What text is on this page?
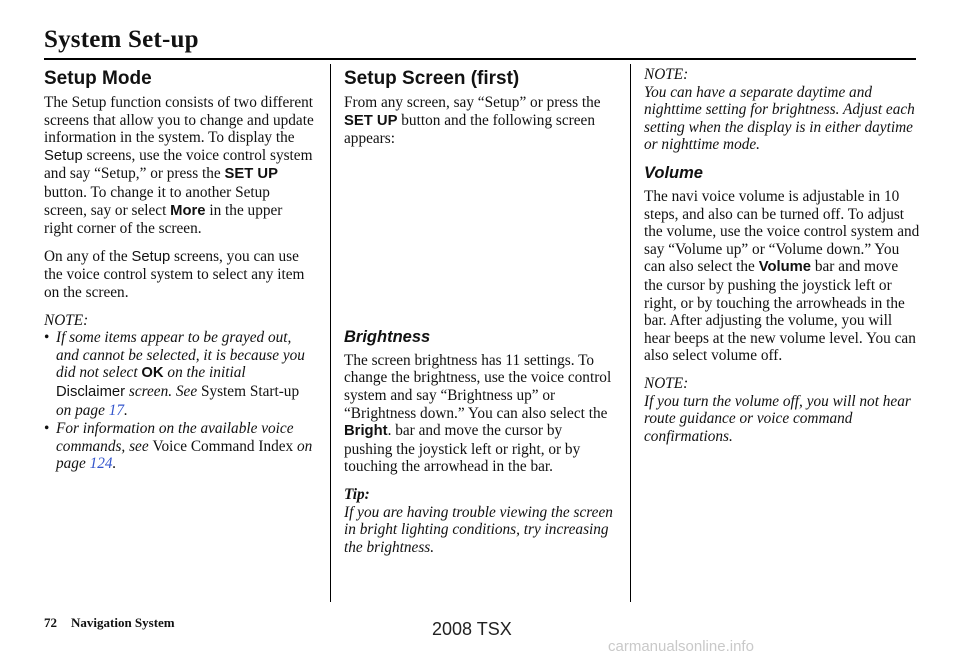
System Set-up
Setup Mode

The Setup function consists of two different screens that allow you to change and update information in the system. To display the Setup screens, use the voice control system and say “Setup,” or press the SET UP button. To change it to another Setup screen, say or select More in the upper right corner of the screen.

On any of the Setup screens, you can use the voice control system to select any item on the screen.

NOTE:

• If some items appear to be grayed out, and cannot be selected, it is because you did not select OK on the initial Disclaimer screen. See System Start-up on page 17.
• For information on the available voice commands, see Voice Command Index on page 124.
Setup Screen (first)

From any screen, say “Setup” or press the SET UP button and the following screen appears:

Brightness

The screen brightness has 11 settings. To change the brightness, use the voice control system and say “Brightness up” or “Brightness down.” You can also select the Bright. bar and move the cursor by pushing the joystick left or right, or by touching the arrowhead in the bar.

Tip:

If you are having trouble viewing the screen in bright lighting conditions, try increasing the brightness.

NOTE:

You can have a separate daytime and nighttime setting for brightness. Adjust each setting when the display is in either daytime or nighttime mode.

Volume

The navi voice volume is adjustable in 10 steps, and also can be turned off. To adjust the volume, use the voice control system and say “Volume up” or “Volume down.” You can also select the Volume bar and move the cursor by pushing the joystick left or right, or by touching the arrowheads in the bar. After adjusting the volume, you will hear beeps at the new volume level. You can also select volume off.

NOTE:

If you turn the volume off, you will not hear route guidance or voice command confirmations.

72 Navigation System	2008 TSX
carmanualsonline.info
